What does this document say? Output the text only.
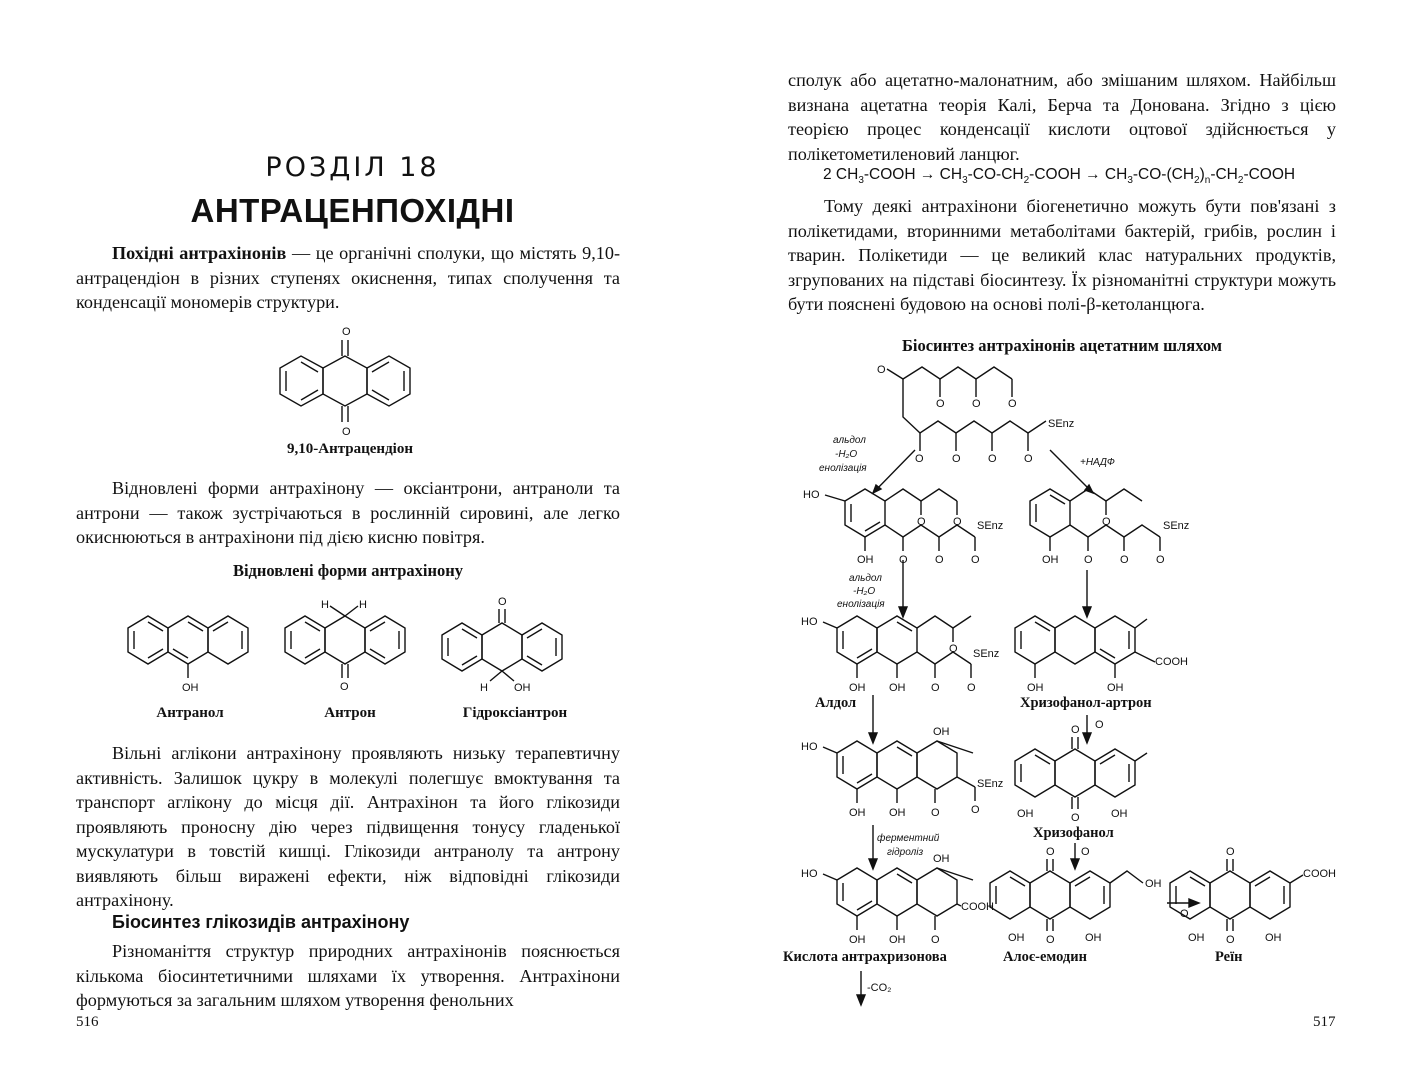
РОЗДІЛ 18
АНТРАЦЕНПОХІДНІ

Похідні антрахінонів — це органічні сполуки, що містять 9,10-антрацендіон в різних ступенях окиснення, типах сполучення та конденсації мономерів структури.

O
O
9,10-Антрацендіон

Відновлені форми антрахінону — оксіантрони, антраноли та антрони — також зустрічаються в рослинній сировині, але легко окиснюються в антрахінони під дією кисню повітря.

Відновлені форми антрахінону
OH
H	H
O
O
H OH
Антранол	Антрон	Гідроксіантрон

Вільні аглікони антрахінону проявляють низьку терапевтичну активність. Залишок цукру в молекулі полегшує вмоктування та транспорт аглікону до місця дії. Антрахінон та його глікозиди проявляють проносну дію через підвищення тонусу гладенької мускулатури в товстій кишці. Глікозиди антранолу та антрону виявляють більш виражені ефекти, ніж відповідні глікозиди антрахінону.

Біосинтез глікозидів антрахінону

Різноманіття структур природних антрахінонів пояснюється кількома біосинтетичними шляхами їх утворення. Антрахінони формуються за загальним шляхом утворення фенольних

516

сполук або ацетатно-малонатним, або змішаним шляхом. Найбільш визнана ацетатна теорія Калі, Берча та Донована. Згідно з цією теорією процес конденсації кислоти оцтової здійснюється у полікетометиленовий ланцюг.

2 $CH_3$-COOH → $CH_3-CO-CH_2$-COOH → $CH_3-CO-(CH_2)_n-CH_2$-COOH

Тому деякі антрахінони біогенетично можуть бути пов'язані з полікетидами, вторинними метаболітами бактерій, грибів, рослин і тварин. Полікетиди — це великий клас натуральних продуктів, згрупованих на підставі біосинтезу. Їх різноманітні структури можуть бути пояснені будовою на основі полі-β-кетоланцюга.

Біосинтез антрахінонів ацетатним шляхом
O
O O O
SEnz
O	O O O
альдол
-H₂O
енолізація
+НАДФ
HO
OH
O O SEnz
O O O	OH
O	SEnz
O O O
альдол
-H₂O
енолізація
HO
OH OH
O SEnz
O O
Алдол
COOH
OH	OH
Хризофанол-артрон
O
HO
OH
SEnz
O
OH OH O
O
O
OH	OH
Хризофанол
ферментний
гідроліз	O
HO
OH
COOH
OH OH O
Кислота антрахризонова
-CO₂
O
OH
O
OH	OH
Алоє-емодин
O
O
COOH
O
OH	OH
Реїн
517
